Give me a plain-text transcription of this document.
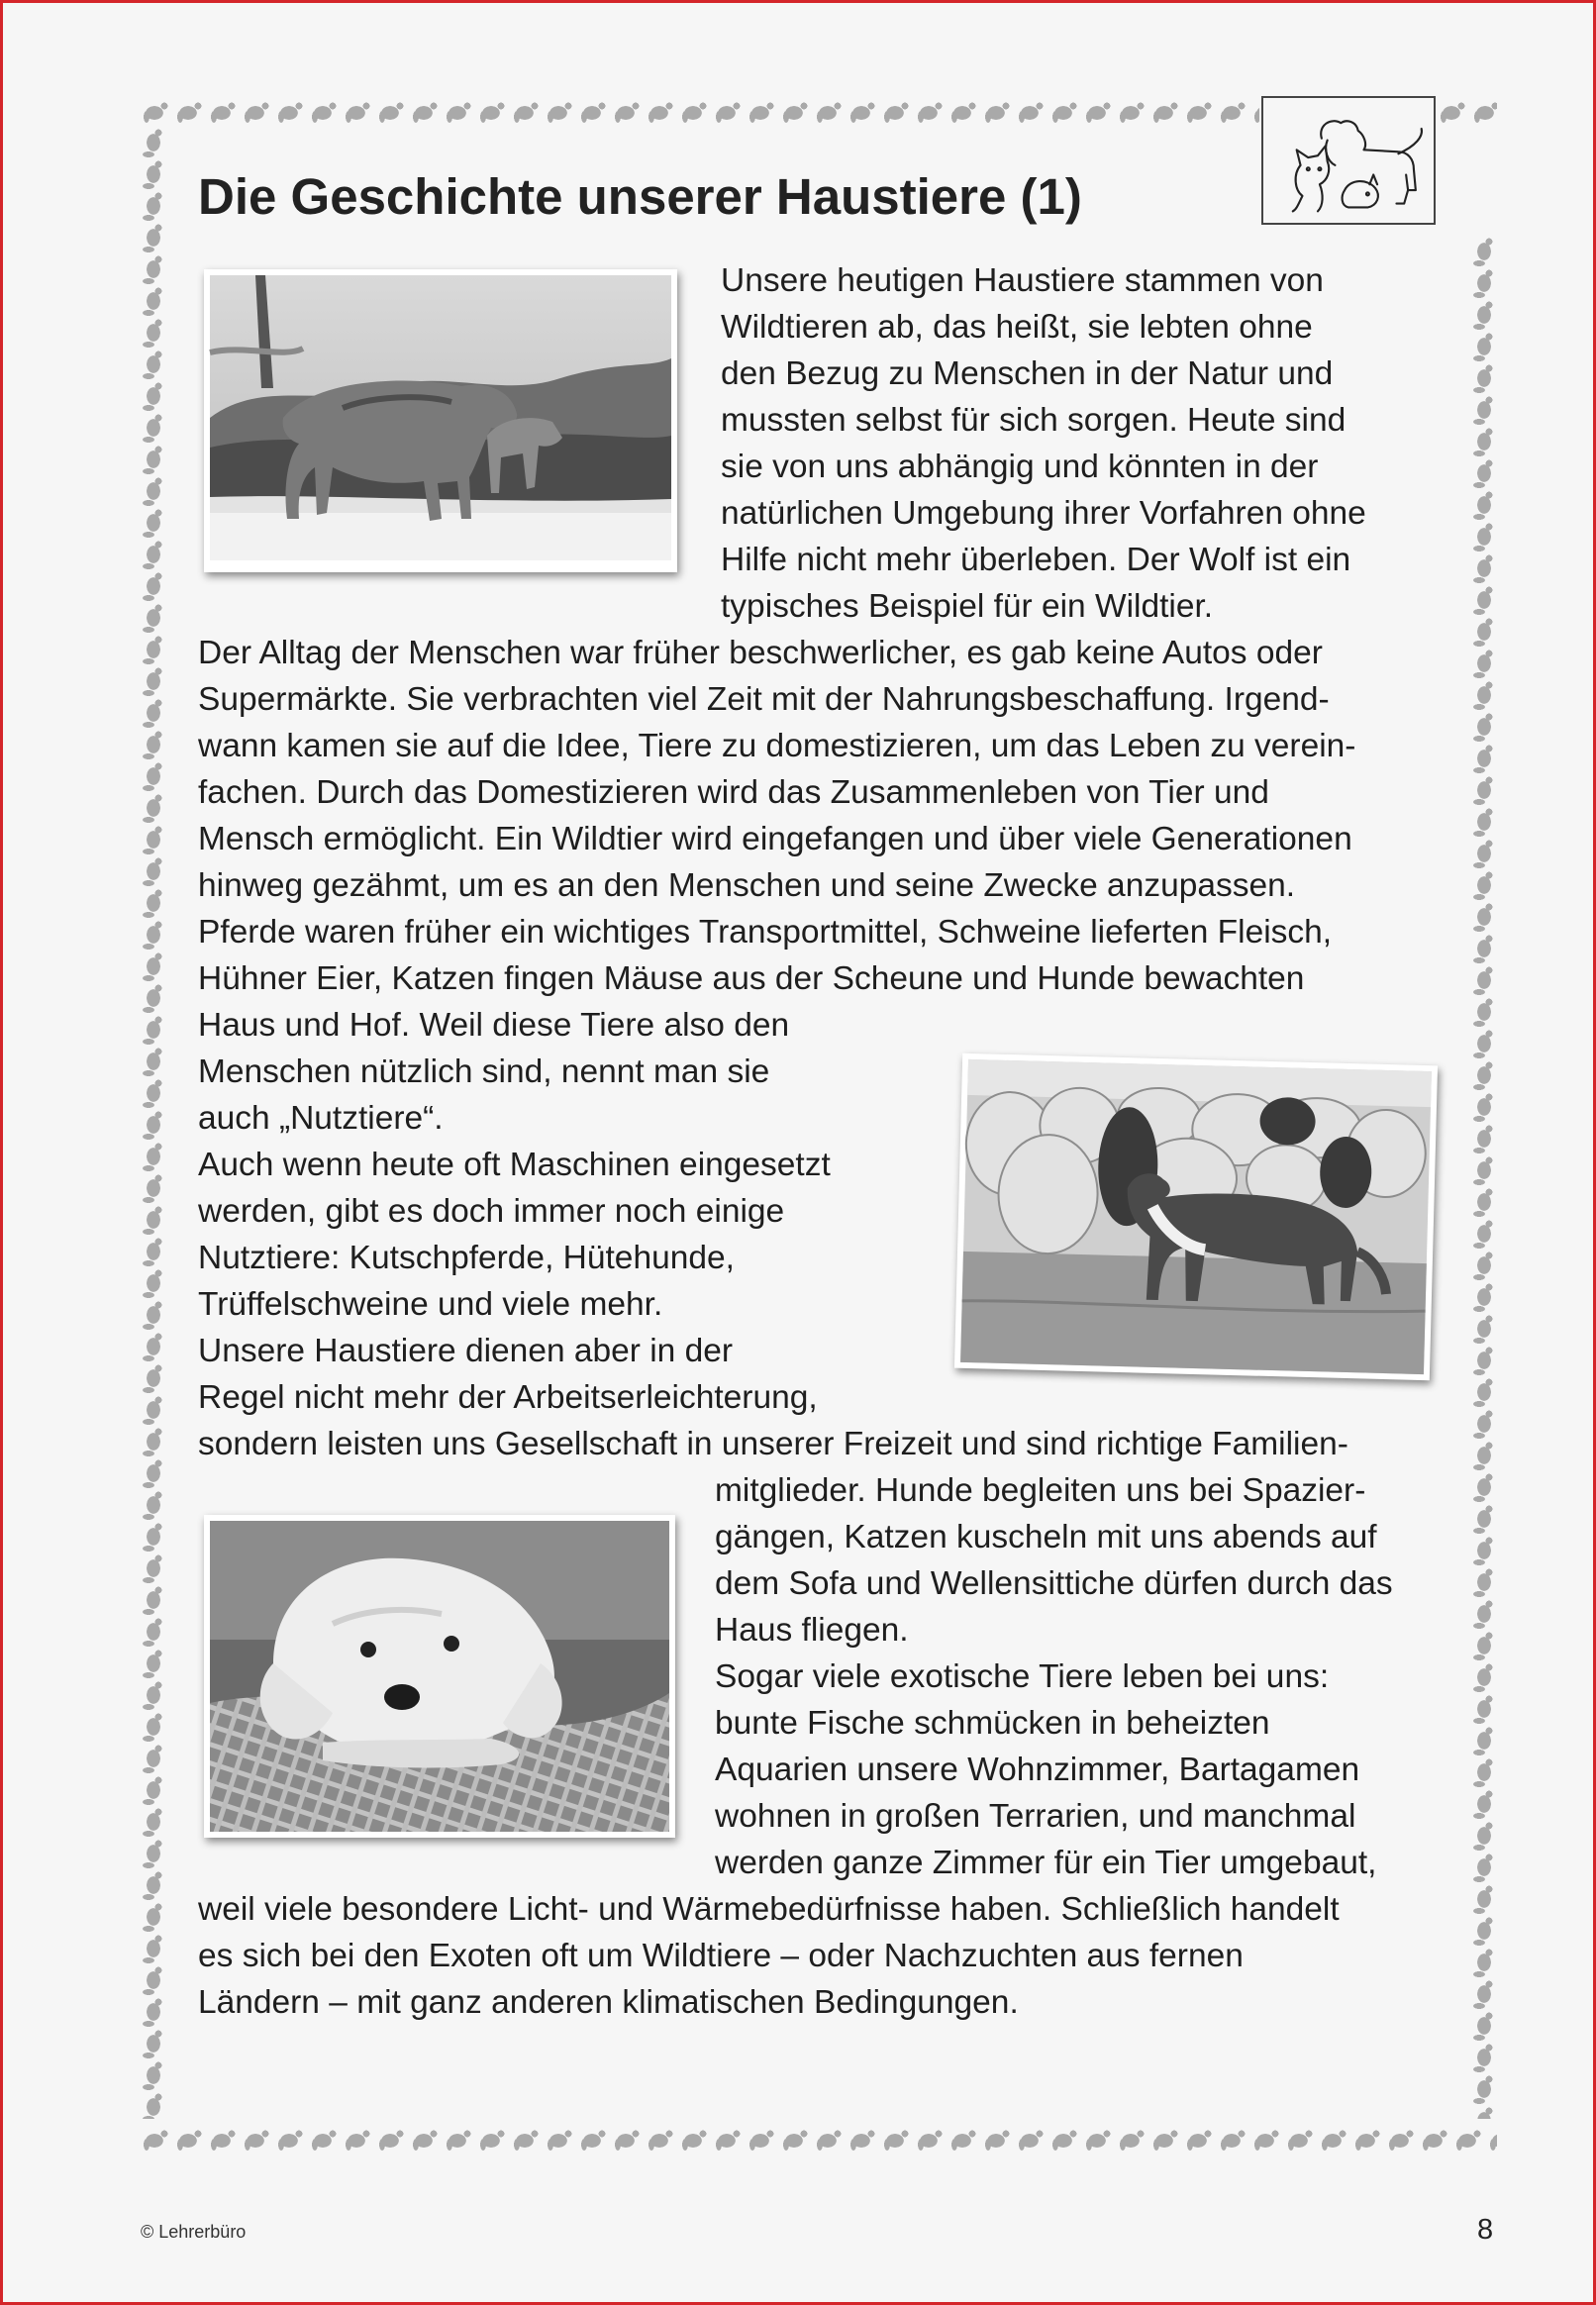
Die Geschichte unserer Haustiere (1)

Unsere heutigen Haustiere stammen von

Wildtieren ab, das heißt, sie lebten ohne

den Bezug zu Menschen in der Natur und

mussten selbst für sich sorgen. Heute sind

sie von uns abhängig und könnten in der

natürlichen Umgebung ihrer Vorfahren ohne

Hilfe nicht mehr überleben. Der Wolf ist ein

typisches Beispiel für ein Wildtier.

Der Alltag der Menschen war früher beschwerlicher, es gab keine Autos oder

Supermärkte. Sie verbrachten viel Zeit mit der Nahrungsbeschaffung. Irgend-

wann kamen sie auf die Idee, Tiere zu domestizieren, um das Leben zu verein-

fachen. Durch das Domestizieren wird das Zusammenleben von Tier und

Mensch ermöglicht. Ein Wildtier wird eingefangen und über viele Generationen

hinweg gezähmt, um es an den Menschen und seine Zwecke anzupassen.

Pferde waren früher ein wichtiges Transportmittel, Schweine lieferten Fleisch,

Hühner Eier, Katzen fingen Mäuse aus der Scheune und Hunde bewachten

Haus und Hof. Weil diese Tiere also den

Menschen nützlich sind, nennt man sie

auch „Nutztiere“.

Auch wenn heute oft Maschinen eingesetzt

werden, gibt es doch immer noch einige

Nutztiere: Kutschpferde, Hütehunde,

Trüffelschweine und viele mehr.

Unsere Haustiere dienen aber in der

Regel nicht mehr der Arbeitserleichterung,

sondern leisten uns Gesellschaft in unserer Freizeit und sind richtige Familien-

mitglieder. Hunde begleiten uns bei Spazier-

gängen, Katzen kuscheln mit uns abends auf

dem Sofa und Wellensittiche dürfen durch das

Haus fliegen.

Sogar viele exotische Tiere leben bei uns:

bunte Fische schmücken in beheizten

Aquarien unsere Wohnzimmer, Bartagamen

wohnen in großen Terrarien, und manchmal

werden ganze Zimmer für ein Tier umgebaut,

weil viele besondere Licht- und Wärmebedürfnisse haben. Schließlich handelt

es sich bei den Exoten oft um Wildtiere – oder Nachzuchten aus fernen

Ländern – mit ganz anderen klimatischen Bedingungen.

© Lehrerbüro	8
